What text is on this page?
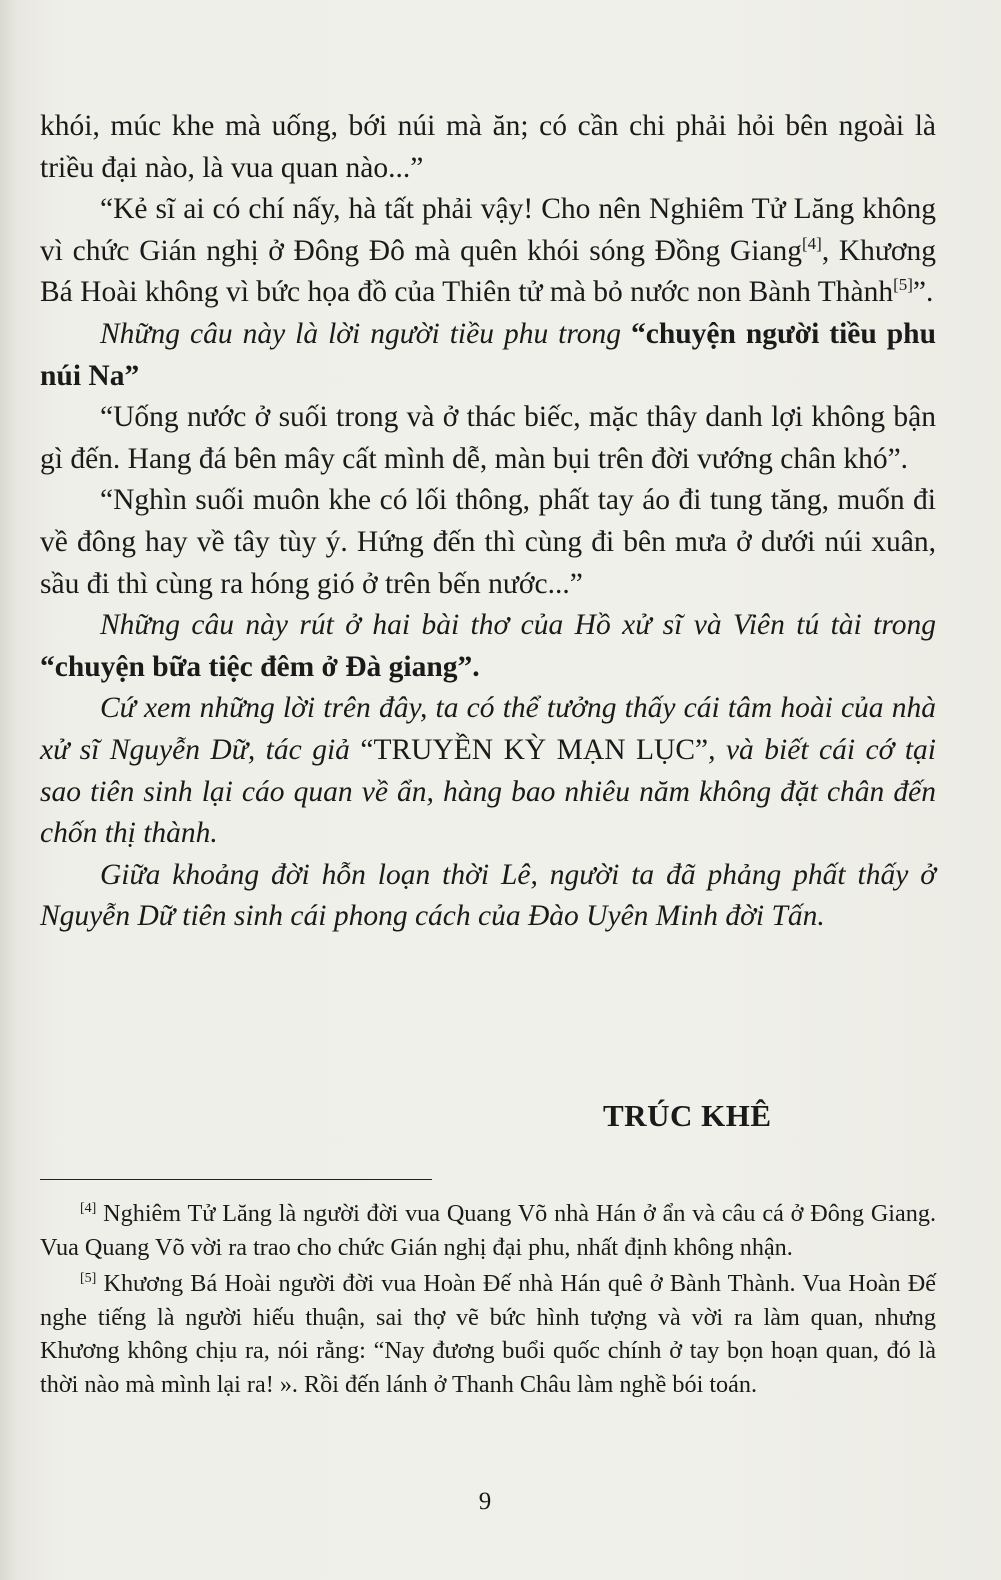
khói, múc khe mà uống, bới núi mà ăn; có cần chi phải hỏi bên ngoài là triều đại nào, là vua quan nào...”

“Kẻ sĩ ai có chí nấy, hà tất phải vậy! Cho nên Nghiêm Tử Lăng không vì chức Gián nghị ở Đông Đô mà quên khói sóng Đồng Giang[4], Khương Bá Hoài không vì bức họa đồ của Thiên tử mà bỏ nước non Bành Thành[5]”.

Những câu này là lời người tiều phu trong “chuyện người tiều phu núi Na”

“Uống nước ở suối trong và ở thác biếc, mặc thây danh lợi không bận gì đến. Hang đá bên mây cất mình dễ, màn bụi trên đời vướng chân khó”.

“Nghìn suối muôn khe có lối thông, phất tay áo đi tung tăng, muốn đi về đông hay về tây tùy ý. Hứng đến thì cùng đi bên mưa ở dưới núi xuân, sầu đi thì cùng ra hóng gió ở trên bến nước...”

Những câu này rút ở hai bài thơ của Hồ xử sĩ và Viên tú tài trong “chuyện bữa tiệc đêm ở Đà giang”.

Cứ xem những lời trên đây, ta có thể tưởng thấy cái tâm hoài của nhà xử sĩ Nguyễn Dữ, tác giả “TRUYỀN KỲ MẠN LỤC”, và biết cái cớ tại sao tiên sinh lại cáo quan về ẩn, hàng bao nhiêu năm không đặt chân đến chốn thị thành.

Giữa khoảng đời hỗn loạn thời Lê, người ta đã phảng phất thấy ở Nguyễn Dữ tiên sinh cái phong cách của Đào Uyên Minh đời Tấn.

TRÚC KHÊ

[4] Nghiêm Tử Lăng là người đời vua Quang Võ nhà Hán ở ẩn và câu cá ở Đông Giang. Vua Quang Võ vời ra trao cho chức Gián nghị đại phu, nhất định không nhận.

[5] Khương Bá Hoài người đời vua Hoàn Đế nhà Hán quê ở Bành Thành. Vua Hoàn Đế nghe tiếng là người hiếu thuận, sai thợ vẽ bức hình tượng và vời ra làm quan, nhưng Khương không chịu ra, nói rằng: “Nay đương buổi quốc chính ở tay bọn hoạn quan, đó là thời nào mà mình lại ra! ». Rồi đến lánh ở Thanh Châu làm nghề bói toán.

9
